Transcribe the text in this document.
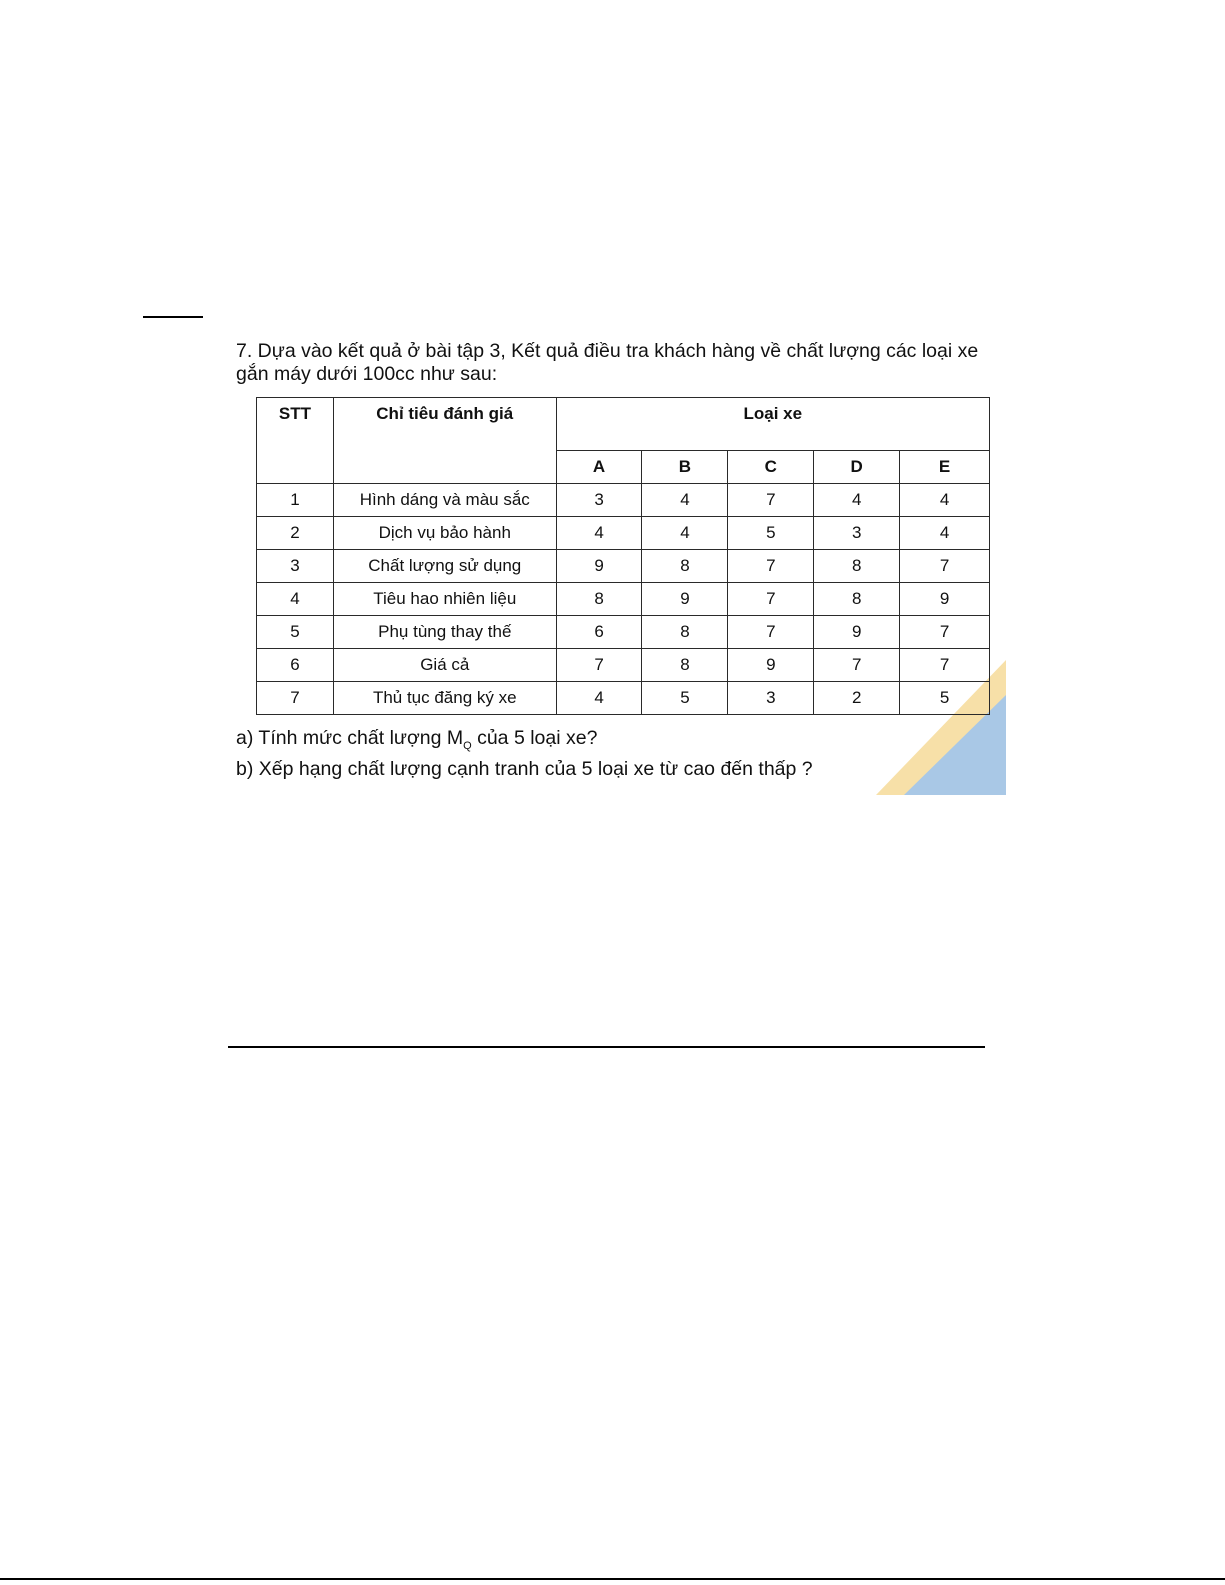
7. Dựa vào kết quả ở bài tập 3, Kết quả điều tra khách hàng về chất lượng các loại xe
gắn máy dưới 100cc như sau:

STT	Chỉ tiêu đánh giá	Loại xe				
		A	B	C	D	E
1	Hình dáng và màu sắc	3	4	7	4	4
2	Dịch vụ bảo hành	4	4	5	3	4
3	Chất lượng sử dụng	9	8	7	8	7
4	Tiêu hao nhiên liệu	8	9	7	8	9
5	Phụ tùng thay thế	6	8	7	9	7
6	Giá cả	7	8	9	7	7
7	Thủ tục đăng ký xe	4	5	3	2	5

a) Tính mức chất lượng $M_Q$ của 5 loại xe?

b) Xếp hạng chất lượng cạnh tranh của 5 loại xe từ cao đến thấp ?
